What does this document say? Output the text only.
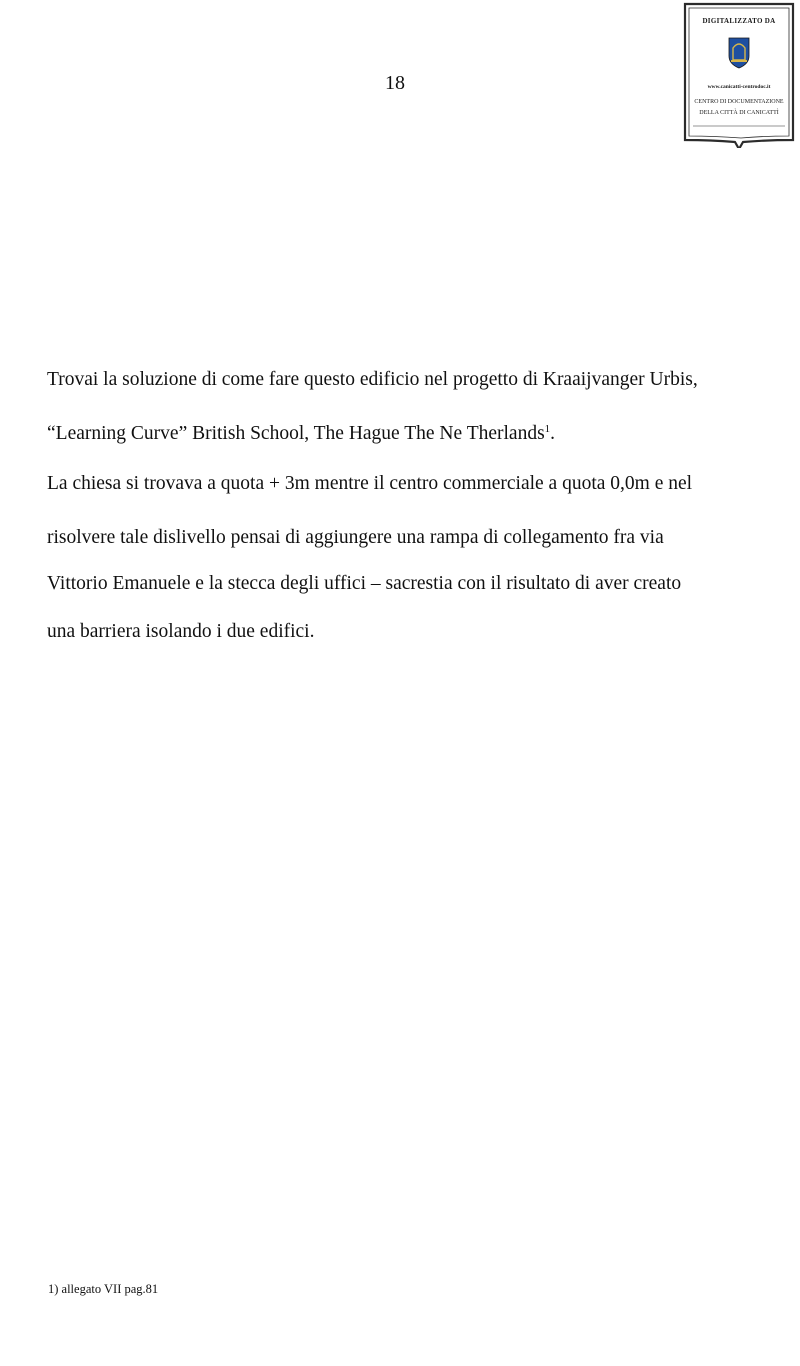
DIGITALIZZATO DA
www.canicatti-centrodoc.it
CENTRO DI DOCUMENTAZIONE
DELLA CITTÀ DI CANICATTÌ
18
Trovai la soluzione di come fare questo edificio nel progetto di Kraaijvanger Urbis,
“Learning Curve” British School, The Hague The Ne Therlands$^1$.
La chiesa si trovava a quota + 3m mentre il centro commerciale a quota 0,0m e nel
risolvere tale dislivello pensai di aggiungere una rampa di collegamento fra via
Vittorio Emanuele e la stecca degli uffici – sacrestia con il risultato di aver creato
una barriera isolando i due edifici.
1) allegato VII pag.81
